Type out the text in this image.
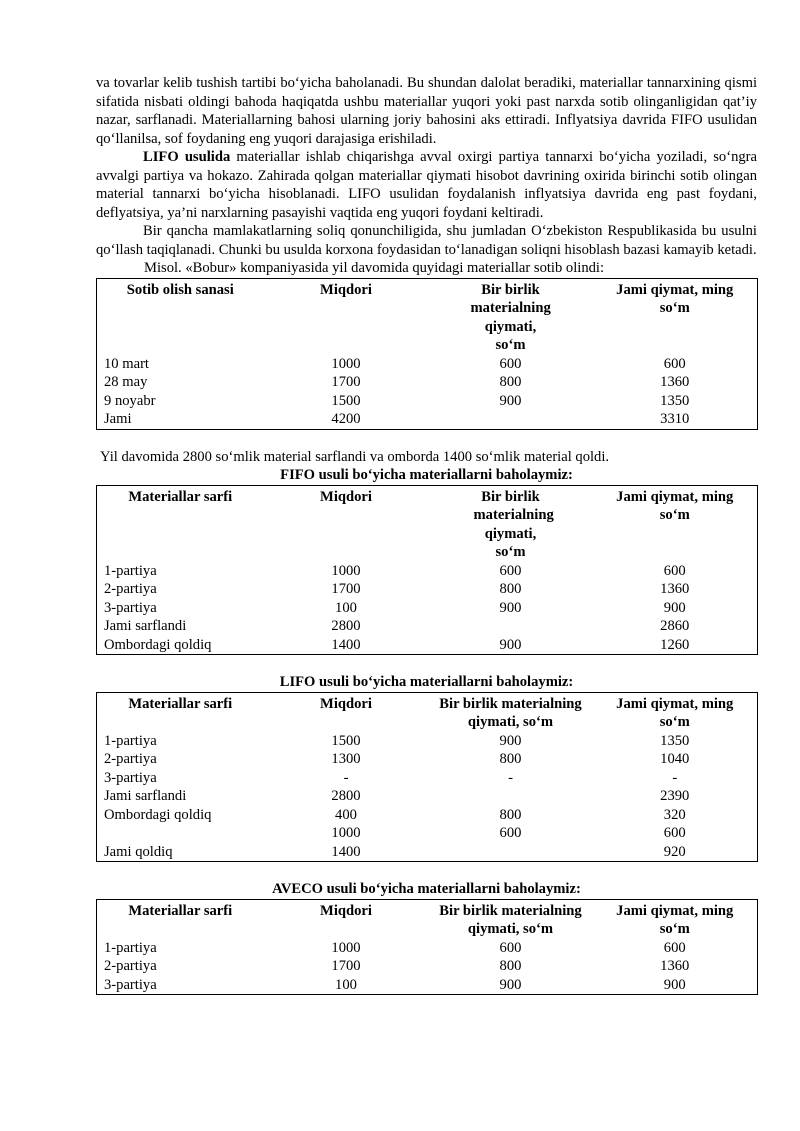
va tovarlar kelib tushish tartibi bo‘yicha baholanadi. Bu shundan dalolat beradiki, materiallar tannarxining qismi sifatida nisbati oldingi bahoda haqiqatda ushbu materiallar yuqori yoki past narxda sotib olinganligidan qat’iy nazar, sarflanadi. Materiallarning bahosi ularning joriy bahosini aks ettiradi. Inflyatsiya davrida FIFO usulidan qo‘llanilsa, sof foydaning eng yuqori darajasiga erishiladi.

LIFO usulida materiallar ishlab chiqarishga avval oxirgi partiya tannarxi bo‘yicha yoziladi, so‘ngra avvalgi partiya va hokazo. Zahirada qolgan materiallar qiymati hisobot davrining oxirida birinchi sotib olingan material tannarxi bo‘yicha hisoblanadi. LIFO usulidan foydalanish inflyatsiya davrida eng past foydani, deflyatsiya, ya’ni narxlarning pasayishi vaqtida eng yuqori foydani keltiradi.

Bir qancha mamlakatlarning soliq qonunchiligida, shu jumladan O‘zbekiston Respublikasida bu usulni qo‘llash taqiqlanadi. Chunki bu usulda korxona foydasidan to‘lanadigan soliqni hisoblash bazasi kamayib ketadi.

Misol. «Bobur» kompaniyasida yil davomida quyidagi materiallar sotib olindi:
Sotib olish sanasi	Miqdori	Bir birlik materialning qiymati, so‘m	Jami qiymat, ming so‘m
10 mart	1000	600	600
28 may	1700	800	1360
9 noyabr	1500	900	1350
Jami	4200		3310
Yil davomida 2800 so‘mlik material sarflandi va omborda 1400 so‘mlik material qoldi.
FIFO usuli bo‘yicha materiallarni baholaymiz:
Materiallar sarfi	Miqdori	Bir birlik materialning qiymati, so‘m	Jami qiymat, ming so‘m
1-partiya	1000	600	600
2-partiya	1700	800	1360
3-partiya	100	900	900
Jami sarflandi	2800		2860
Ombordagi qoldiq	1400	900	1260
LIFO usuli bo‘yicha materiallarni baholaymiz:
Materiallar sarfi	Miqdori	Bir birlik materialning qiymati, so‘m	Jami qiymat, ming so‘m
1-partiya	1500	900	1350
2-partiya	1300	800	1040
3-partiya	-	-	-
Jami sarflandi	2800		2390
Ombordagi qoldiq	400	800	320
	1000	600	600
Jami qoldiq	1400		920
AVECO usuli bo‘yicha materiallarni baholaymiz:
Materiallar sarfi	Miqdori	Bir birlik materialning qiymati, so‘m	Jami qiymat, ming so‘m
1-partiya	1000	600	600
2-partiya	1700	800	1360
3-partiya	100	900	900
